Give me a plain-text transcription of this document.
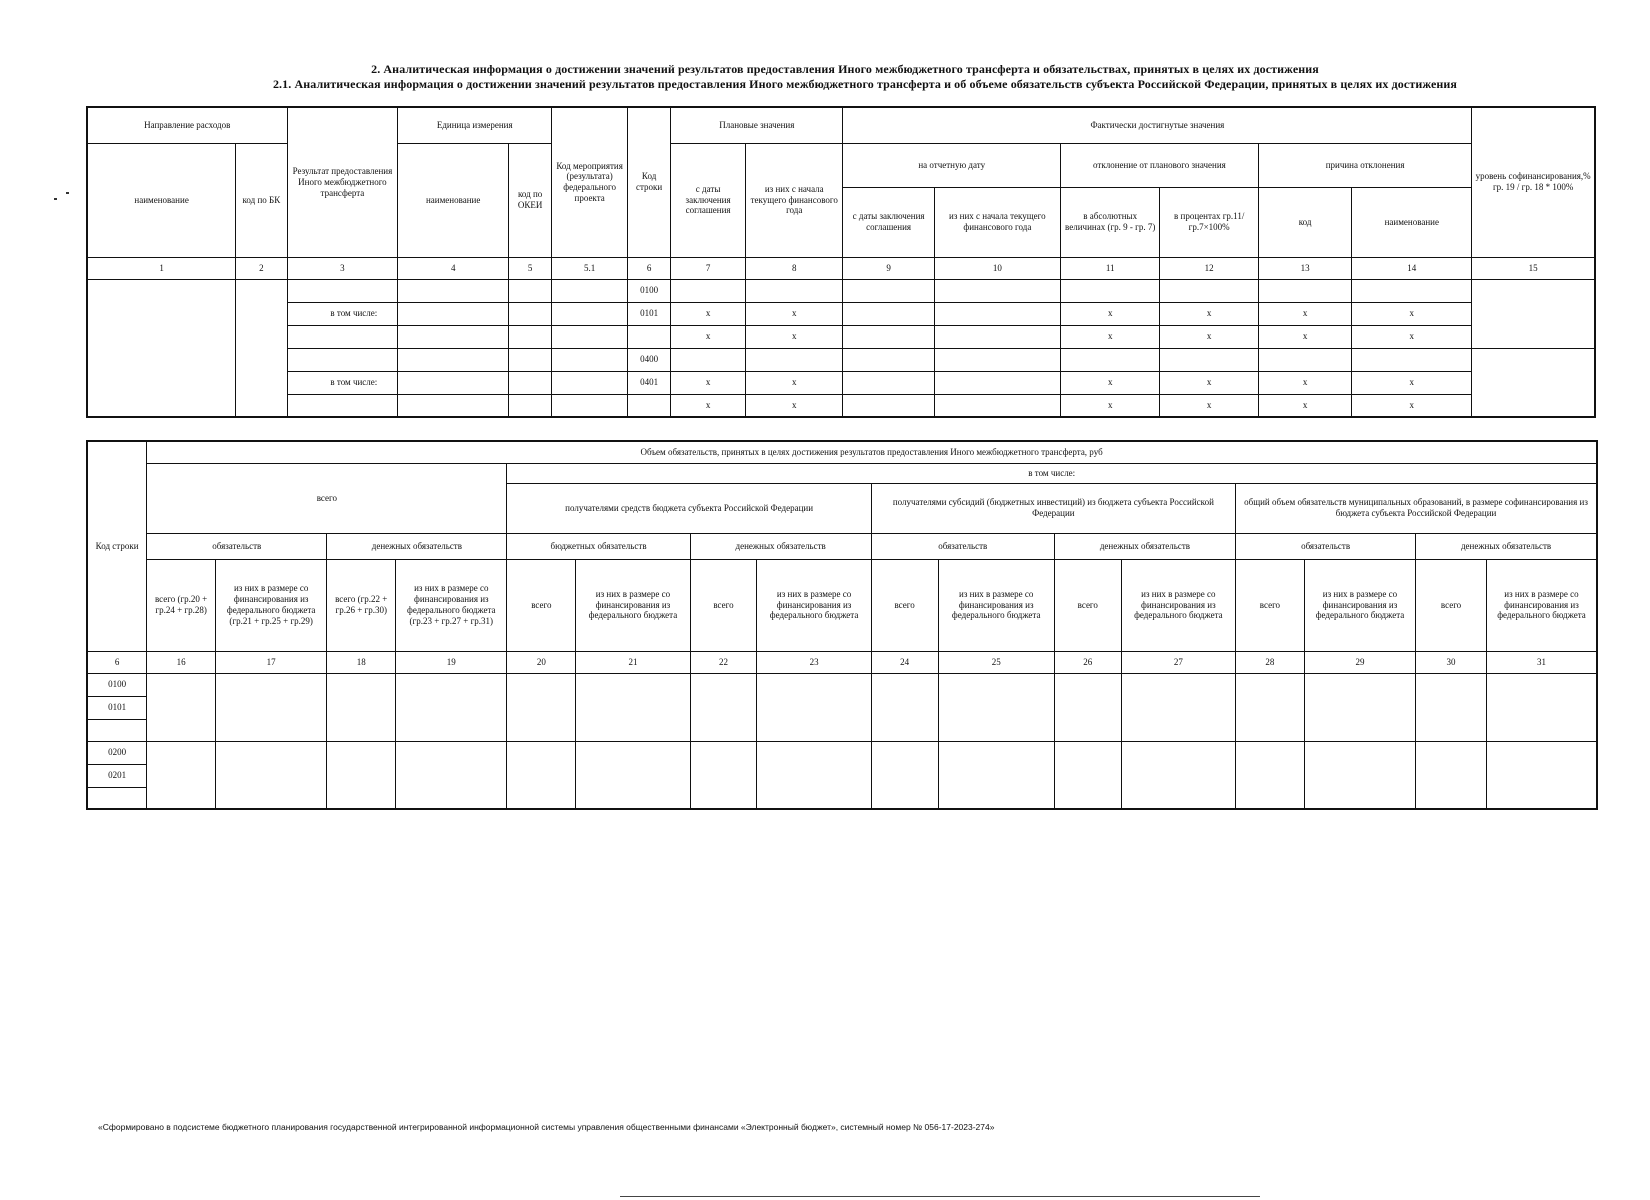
2. Аналитическая информация о достижении значений результатов предоставления Иного межбюджетного трансферта и обязательствах, принятых в целях их достижения
2.1. Аналитическая информация о достижении значений результатов предоставления Иного межбюджетного трансферта и об объеме обязательств субъекта Российской Федерации, принятых в целях их достижения
Направление расходов		Результат предоставления Иного межбюджетного трансферта	Единица измерения		Код мероприятия (результата) федерального проекта	Код строки	Плановые значения		Фактически достигнутые значения						уровень софинансирования,% гр. 19 / гр. 18 * 100%
наименование	код по БК		наименование	код по ОКЕИ			с даты заключения соглашения	из них с начала текущего финансового года	на отчетную дату		отклонение от планового значения		причина отклонения		
									с даты заключения соглашения	из них с начала текущего финансового года	в абсолютных величинах (гр. 9 - гр. 7)	в процентах гр.11/гр.7×100%	код	наименование	
1	2	3	4	5	5.1	6	7	8	9	10	11	12	13	14	15
						0100									
		в том числе:				0101	x	x			x	x	x	x	
							x	x			x	x	x	x	
						0400									
		в том числе:				0401	x	x			x	x	x	x	
							x	x			x	x	x	x	
Код строки	Объем обязательств, принятых в целях достижения результатов предоставления Иного межбюджетного трансферта, руб															
	всего				в том числе:											
					получателями средств бюджета субъекта Российской Федерации				получателями субсидий (бюджетных инвестиций) из бюджета субъекта Российской Федерации				общий объем обязательств муниципальных образований, в размере софинансирования из бюджета субъекта Российской Федерации			
	обязательств		денежных обязательств		бюджетных обязательств		денежных обязательств		обязательств		денежных обязательств		обязательств		денежных обязательств	
	всего (гр.20 + гр.24 + гр.28)	из них в размере со финансирования из федерального бюджета (гр.21 + гр.25 + гр.29)	всего (гр.22 + гр.26 + гр.30)	из них в размере со финансирования из федерального бюджета (гр.23 + гр.27 + гр.31)	всего	из них в размере со финансирования из федерального бюджета	всего	из них в размере со финансирования из федерального бюджета	всего	из них в размере со финансирования из федерального бюджета	всего	из них в размере со финансирования из федерального бюджета	всего	из них в размере со финансирования из федерального бюджета	всего	из них в размере со финансирования из федерального бюджета
6	16	17	18	19	20	21	22	23	24	25	26	27	28	29	30	31
0100																
0101																

0200																
0201																

«Сформировано в подсистеме бюджетного планирования государственной интегрированной информационной системы управления общественными финансами «Электронный бюджет», системный номер № 056-17-2023-274»
